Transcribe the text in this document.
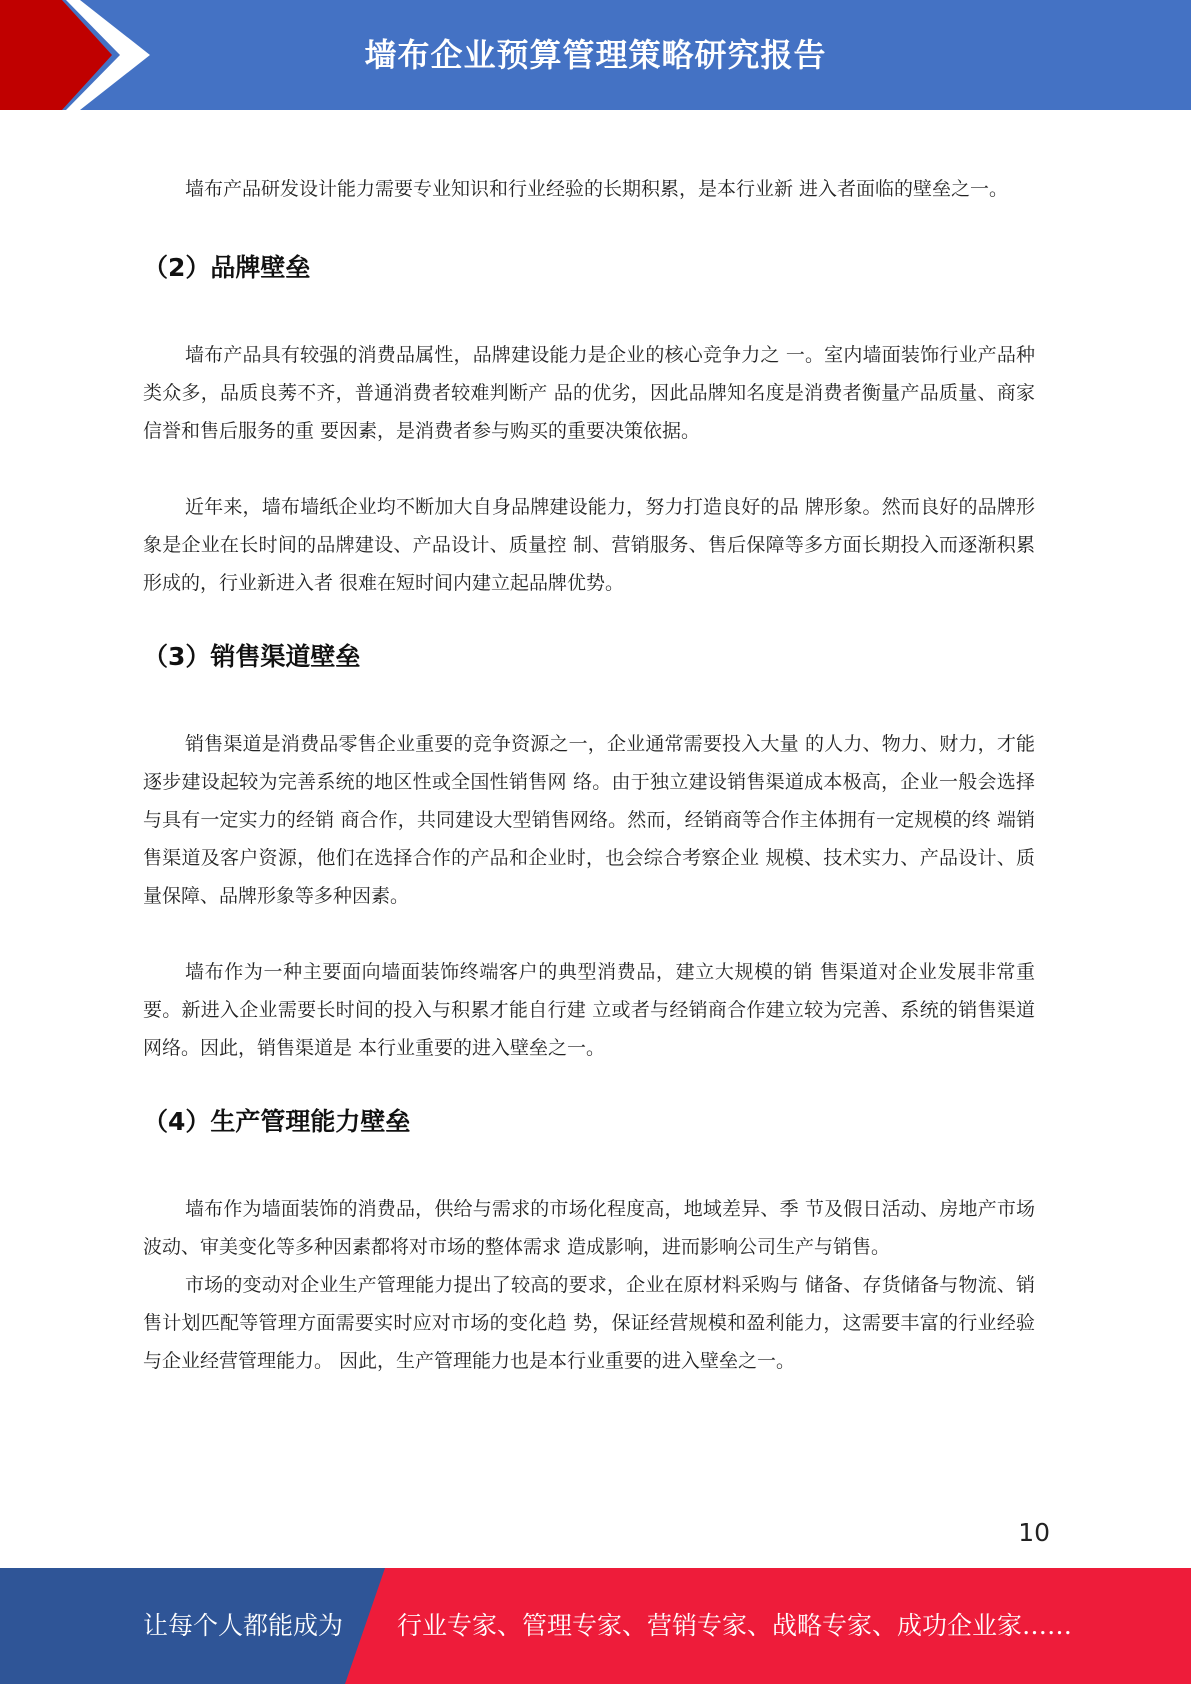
墙布企业预算管理策略研究报告

墙布产品研发设计能力需要专业知识和行业经验的长期积累，是本行业新 进入者面临的壁垒之一。

（2）品牌壁垒

墙布产品具有较强的消费品属性，品牌建设能力是企业的核心竞争力之 一。室内墙面装饰行业产品种类众多，品质良莠不齐，普通消费者较难判断产 品的优劣，因此品牌知名度是消费者衡量产品质量、商家信誉和售后服务的重 要因素，是消费者参与购买的重要决策依据。

近年来，墙布墙纸企业均不断加大自身品牌建设能力，努力打造良好的品 牌形象。然而良好的品牌形象是企业在长时间的品牌建设、产品设计、质量控 制、营销服务、售后保障等多方面长期投入而逐渐积累形成的，行业新进入者 很难在短时间内建立起品牌优势。

（3）销售渠道壁垒

销售渠道是消费品零售企业重要的竞争资源之一，企业通常需要投入大量 的人力、物力、财力，才能逐步建设起较为完善系统的地区性或全国性销售网 络。由于独立建设销售渠道成本极高，企业一般会选择与具有一定实力的经销 商合作，共同建设大型销售网络。然而，经销商等合作主体拥有一定规模的终 端销售渠道及客户资源，他们在选择合作的产品和企业时，也会综合考察企业 规模、技术实力、产品设计、质量保障、品牌形象等多种因素。

墙布作为一种主要面向墙面装饰终端客户的典型消费品，建立大规模的销 售渠道对企业发展非常重要。新进入企业需要长时间的投入与积累才能自行建 立或者与经销商合作建立较为完善、系统的销售渠道网络。因此，销售渠道是 本行业重要的进入壁垒之一。

（4）生产管理能力壁垒

墙布作为墙面装饰的消费品，供给与需求的市场化程度高，地域差异、季 节及假日活动、房地产市场波动、审美变化等多种因素都将对市场的整体需求 造成影响，进而影响公司生产与销售。

市场的变动对企业生产管理能力提出了较高的要求，企业在原材料采购与 储备、存货储备与物流、销售计划匹配等管理方面需要实时应对市场的变化趋 势，保证经营规模和盈利能力，这需要丰富的行业经验与企业经营管理能力。 因此，生产管理能力也是本行业重要的进入壁垒之一。

10
让每个人都能成为 行业专家、管理专家、营销专家、战略专家、成功企业家……
